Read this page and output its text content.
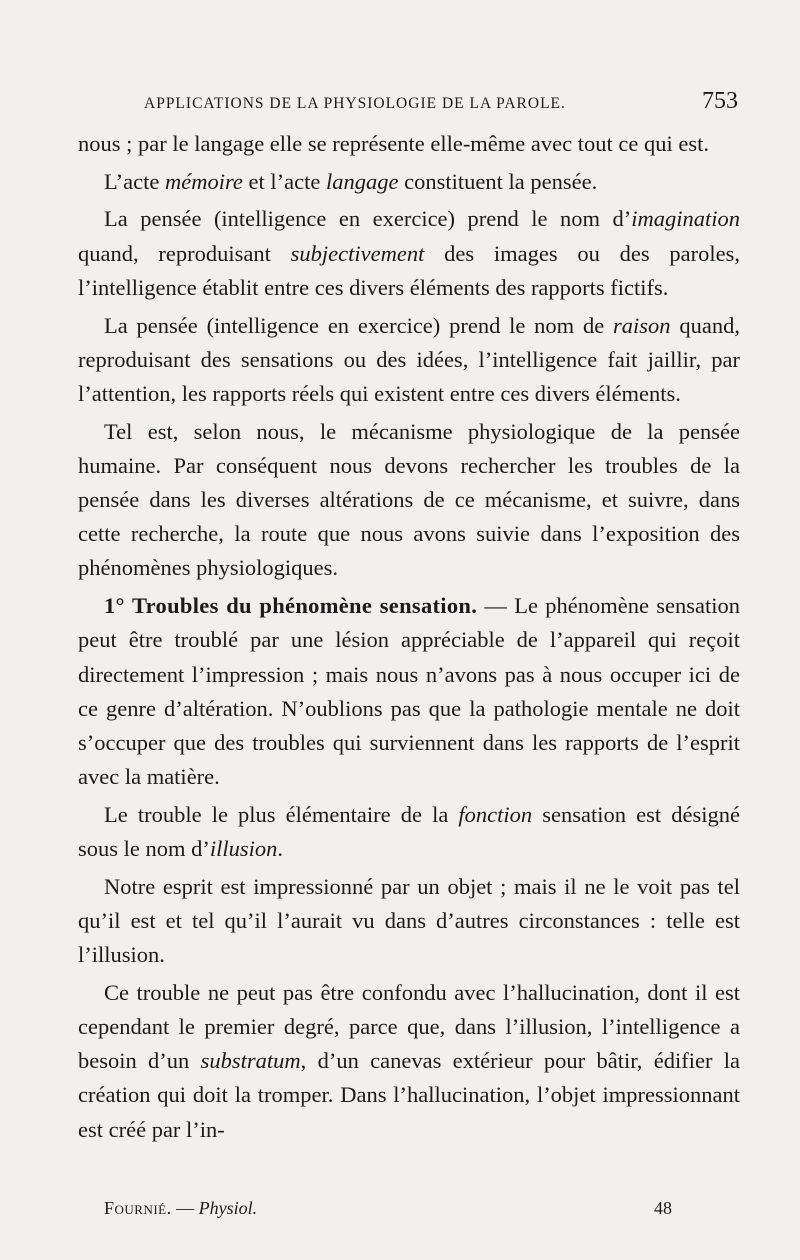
APPLICATIONS DE LA PHYSIOLOGIE DE LA PAROLE.	753

nous ; par le langage elle se représente elle-même avec tout ce qui est.

L’acte mémoire et l’acte langage constituent la pensée.

La pensée (intelligence en exercice) prend le nom d’imagination quand, reproduisant subjectivement des images ou des paroles, l’intelligence établit entre ces divers éléments des rapports fictifs.

La pensée (intelligence en exercice) prend le nom de raison quand, reproduisant des sensations ou des idées, l’intelligence fait jaillir, par l’attention, les rapports réels qui existent entre ces divers éléments.

Tel est, selon nous, le mécanisme physiologique de la pensée humaine. Par conséquent nous devons rechercher les troubles de la pensée dans les diverses altérations de ce mécanisme, et suivre, dans cette recherche, la route que nous avons suivie dans l’exposition des phénomènes physiologiques.

1° Troubles du phénomène sensation. — Le phénomène sensation peut être troublé par une lésion appréciable de l’appareil qui reçoit directement l’impression ; mais nous n’avons pas à nous occuper ici de ce genre d’altération. N’oublions pas que la pathologie mentale ne doit s’occuper que des troubles qui surviennent dans les rapports de l’esprit avec la matière.

Le trouble le plus élémentaire de la fonction sensation est désigné sous le nom d’illusion.

Notre esprit est impressionné par un objet ; mais il ne le voit pas tel qu’il est et tel qu’il l’aurait vu dans d’autres circonstances : telle est l’illusion.

Ce trouble ne peut pas être confondu avec l’hallucination, dont il est cependant le premier degré, parce que, dans l’illusion, l’intelligence a besoin d’un substratum, d’un canevas extérieur pour bâtir, édifier la création qui doit la tromper. Dans l’hallucination, l’objet impressionnant est créé par l’in-

Fournié. — Physiol.	48
